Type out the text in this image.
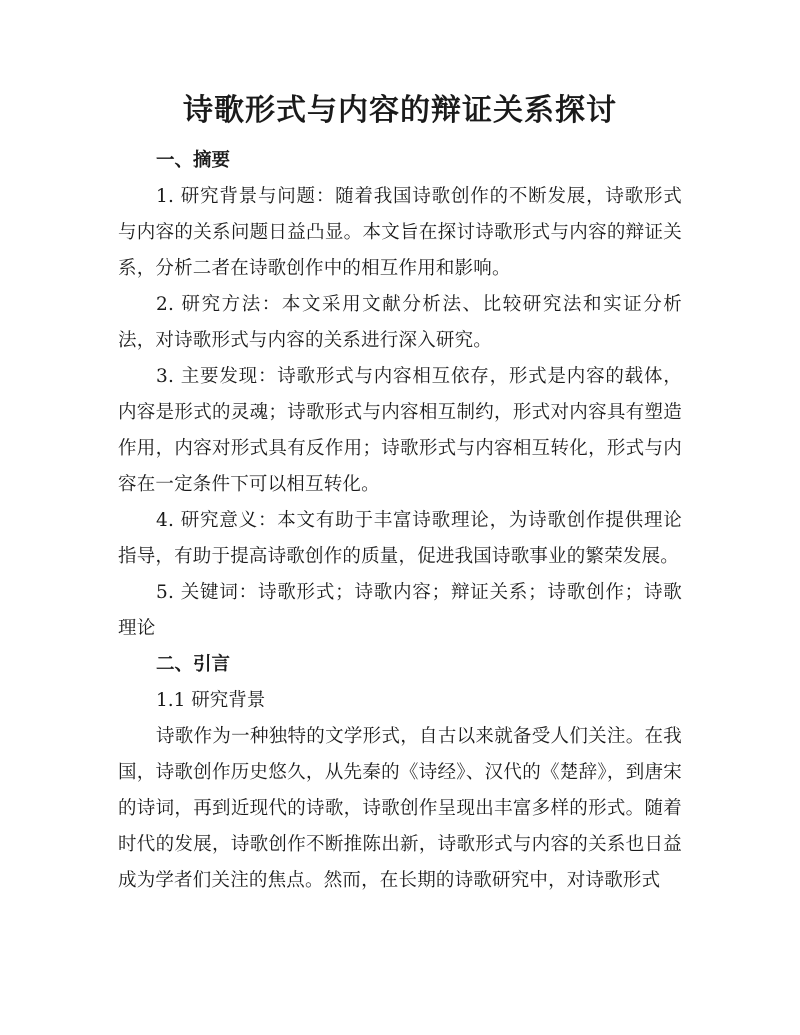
诗歌形式与内容的辩证关系探讨

一、摘要

1. 研究背景与问题：随着我国诗歌创作的不断发展，诗歌形式与内容的关系问题日益凸显。本文旨在探讨诗歌形式与内容的辩证关系，分析二者在诗歌创作中的相互作用和影响。

2. 研究方法：本文采用文献分析法、比较研究法和实证分析法，对诗歌形式与内容的关系进行深入研究。

3. 主要发现：诗歌形式与内容相互依存，形式是内容的载体，内容是形式的灵魂；诗歌形式与内容相互制约，形式对内容具有塑造作用，内容对形式具有反作用；诗歌形式与内容相互转化，形式与内容在一定条件下可以相互转化。

4. 研究意义：本文有助于丰富诗歌理论，为诗歌创作提供理论指导，有助于提高诗歌创作的质量，促进我国诗歌事业的繁荣发展。

5. 关键词：诗歌形式；诗歌内容；辩证关系；诗歌创作；诗歌理论

二、引言

1.1 研究背景

诗歌作为一种独特的文学形式，自古以来就备受人们关注。在我国，诗歌创作历史悠久，从先秦的《诗经》、汉代的《楚辞》，到唐宋的诗词，再到近现代的诗歌，诗歌创作呈现出丰富多样的形式。随着时代的发展，诗歌创作不断推陈出新，诗歌形式与内容的关系也日益成为学者们关注的焦点。然而，在长期的诗歌研究中，对诗歌形式
